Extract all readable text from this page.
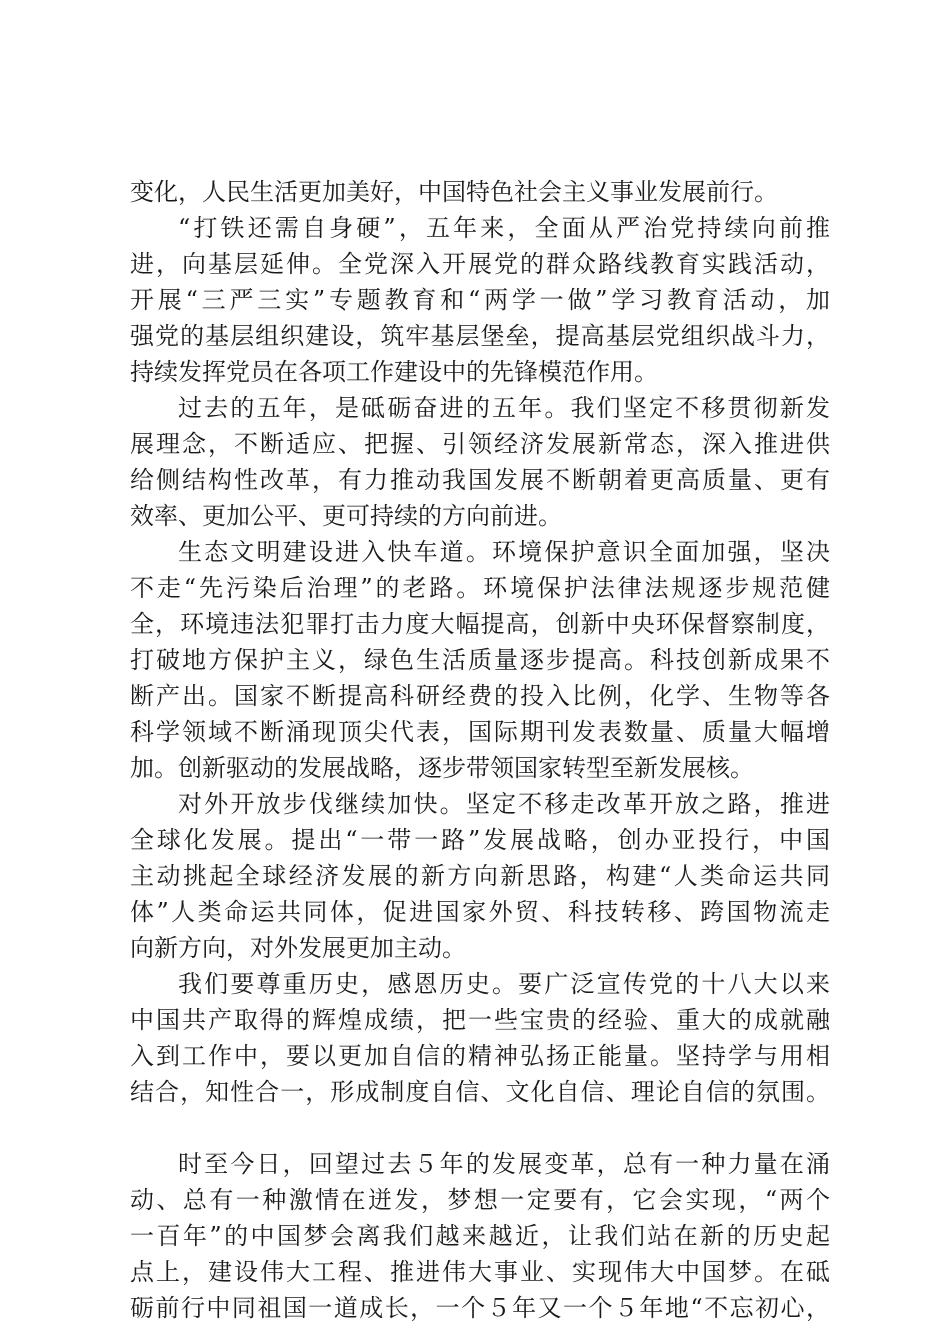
变化，人民生活更加美好，中国特色社会主义事业发展前行。
“打铁还需自身硬”，五年来，全面从严治党持续向前推
进，向基层延伸。全党深入开展党的群众路线教育实践活动，
开展“三严三实”专题教育和“两学一做”学习教育活动，加
强党的基层组织建设，筑牢基层堡垒，提高基层党组织战斗力，
持续发挥党员在各项工作建设中的先锋模范作用。
过去的五年，是砥砺奋进的五年。我们坚定不移贯彻新发
展理念，不断适应、把握、引领经济发展新常态，深入推进供
给侧结构性改革，有力推动我国发展不断朝着更高质量、更有
效率、更加公平、更可持续的方向前进。
生态文明建设进入快车道。环境保护意识全面加强，坚决
不走“先污染后治理”的老路。环境保护法律法规逐步规范健
全，环境违法犯罪打击力度大幅提高，创新中央环保督察制度，
打破地方保护主义，绿色生活质量逐步提高。科技创新成果不
断产出。国家不断提高科研经费的投入比例，化学、生物等各
科学领域不断涌现顶尖代表，国际期刊发表数量、质量大幅增
加。创新驱动的发展战略，逐步带领国家转型至新发展核。
对外开放步伐继续加快。坚定不移走改革开放之路，推进
全球化发展。提出“一带一路”发展战略，创办亚投行，中国
主动挑起全球经济发展的新方向新思路，构建“人类命运共同
体”人类命运共同体，促进国家外贸、科技转移、跨国物流走
向新方向，对外发展更加主动。
我们要尊重历史，感恩历史。要广泛宣传党的十八大以来
中国共产取得的辉煌成绩，把一些宝贵的经验、重大的成就融
入到工作中，要以更加自信的精神弘扬正能量。坚持学与用相
结合，知性合一，形成制度自信、文化自信、理论自信的氛围。
时至今日，回望过去５年的发展变革，总有一种力量在涌
动、总有一种激情在迸发，梦想一定要有，它会实现，“两个
一百年”的中国梦会离我们越来越近，让我们站在新的历史起
点上，建设伟大工程、推进伟大事业、实现伟大中国梦。在砥
砺前行中同祖国一道成长，一个５年又一个５年地“不忘初心，
